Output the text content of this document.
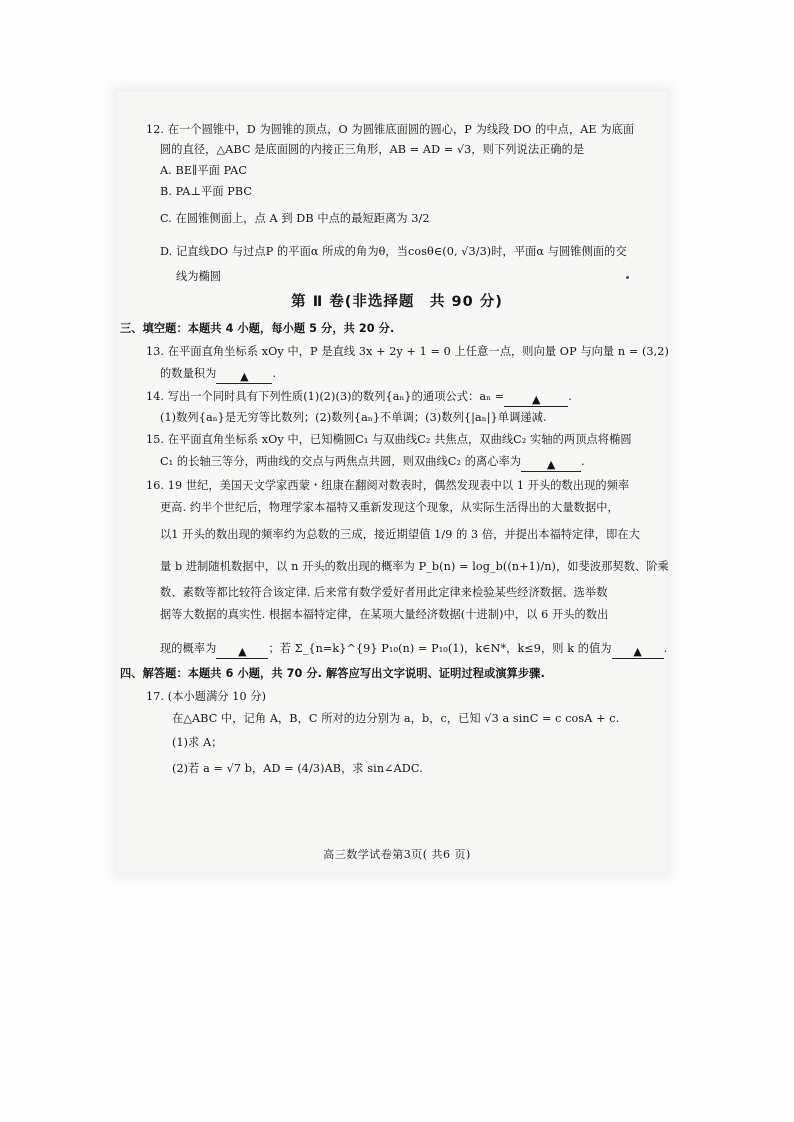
12. 在一个圆锥中，D 为圆锥的顶点，O 为圆锥底面圆的圆心，P 为线段 DO 的中点，AE 为底面
圆的直径，△ABC 是底面圆的内接正三角形，AB = AD = √3，则下列说法正确的是
A. BE∥平面 PAC
B. PA⊥平面 PBC
C. 在圆锥侧面上，点 A 到 DB 中点的最短距离为 3/2
D. 记直线DO 与过点P 的平面α 所成的角为θ，当cosθ∈(0, √3/3)时，平面α 与圆锥侧面的交
线为椭圆
第 Ⅱ 卷(非选择题　共 90 分)
三、填空题：本题共 4 小题，每小题 5 分，共 20 分.
13. 在平面直角坐标系 xOy 中，P 是直线 3x + 2y + 1 = 0 上任意一点，则向量 OP 与向量 n = (3,2)
的数量积为 ▲ .
14. 写出一个同时具有下列性质(1)(2)(3)的数列{aₙ}的通项公式：aₙ =	▲ .
(1)数列{aₙ}是无穷等比数列；(2)数列{aₙ}不单调；(3)数列{|aₙ|}单调递减.
15. 在平面直角坐标系 xOy 中，已知椭圆C₁ 与双曲线C₂ 共焦点，双曲线C₂ 实轴的两顶点将椭圆
C₁ 的长轴三等分，两曲线的交点与两焦点共圆，则双曲线C₂ 的离心率为 ▲ .
16. 19 世纪，美国天文学家西蒙・纽康在翻阅对数表时，偶然发现表中以 1 开头的数出现的频率
更高. 约半个世纪后，物理学家本福特又重新发现这个现象，从实际生活得出的大量数据中，
以1 开头的数出现的频率约为总数的三成，接近期望值 1/9 的 3 倍，并提出本福特定律，即在大
量 b 进制随机数据中，以 n 开头的数出现的概率为 P_b(n) = log_b((n+1)/n)，如斐波那契数、阶乘
数、素数等都比较符合该定律. 后来常有数学爱好者用此定律来检验某些经济数据、选举数
据等大数据的真实性. 根据本福特定律，在某项大量经济数据(十进制)中，以 6 开头的数出
现的概率为 ▲ ；若 Σ_{n=k}^{9} P₁₀(n) = P₁₀(1)，k∈N*，k≤9，则 k 的值为 ▲ .
四、解答题：本题共 6 小题，共 70 分. 解答应写出文字说明、证明过程或演算步骤.
17. (本小题满分 10 分)
在△ABC 中，记角 A，B，C 所对的边分别为 a，b，c，已知 √3 a sinC = c cosA + c.
(1)求 A；
(2)若 a = √7 b，AD = (4/3)AB，求 sin∠ADC.
高三数学试卷第3页( 共6 页)
